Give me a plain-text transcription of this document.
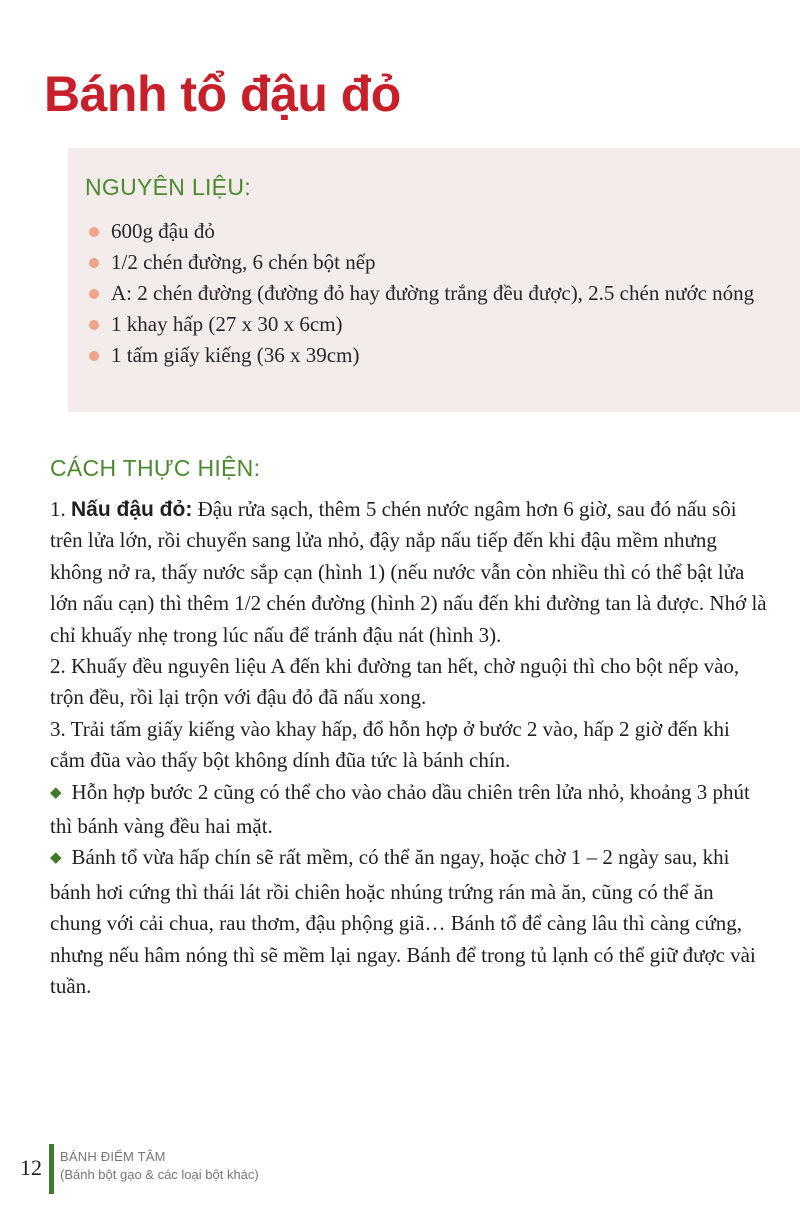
Bánh tổ đậu đỏ
NGUYÊN LIỆU:
600g đậu đỏ
1/2 chén đường, 6 chén bột nếp
A: 2 chén đường (đường đỏ hay đường trắng đều được), 2.5 chén nước nóng
1 khay hấp (27 x 30 x 6cm)
1 tấm giấy kiếng (36 x 39cm)
CÁCH THỰC HIỆN:

1. Nấu đậu đỏ: Đậu rửa sạch, thêm 5 chén nước ngâm hơn 6 giờ, sau đó nấu sôi trên lửa lớn, rồi chuyển sang lửa nhỏ, đậy nắp nấu tiếp đến khi đậu mềm nhưng không nở ra, thấy nước sắp cạn (hình 1) (nếu nước vẫn còn nhiều thì có thể bật lửa lớn nấu cạn) thì thêm 1/2 chén đường (hình 2) nấu đến khi đường tan là được. Nhớ là chỉ khuấy nhẹ trong lúc nấu để tránh đậu nát (hình 3).

2. Khuấy đều nguyên liệu A đến khi đường tan hết, chờ nguội thì cho bột nếp vào, trộn đều, rồi lại trộn với đậu đỏ đã nấu xong.

3. Trải tấm giấy kiếng vào khay hấp, đổ hỗn hợp ở bước 2 vào, hấp 2 giờ đến khi cắm đũa vào thấy bột không dính đũa tức là bánh chín.

◆ Hỗn hợp bước 2 cũng có thể cho vào chảo dầu chiên trên lửa nhỏ, khoảng 3 phút thì bánh vàng đều hai mặt.

◆ Bánh tổ vừa hấp chín sẽ rất mềm, có thể ăn ngay, hoặc chờ 1 – 2 ngày sau, khi bánh hơi cứng thì thái lát rồi chiên hoặc nhúng trứng rán mà ăn, cũng có thể ăn chung với cải chua, rau thơm, đậu phộng giã… Bánh tổ để càng lâu thì càng cứng, nhưng nếu hâm nóng thì sẽ mềm lại ngay. Bánh để trong tủ lạnh có thể giữ được vài tuần.

12 BÁNH ĐIỂM TÂM
(Bánh bột gạo & các loại bột khác)
